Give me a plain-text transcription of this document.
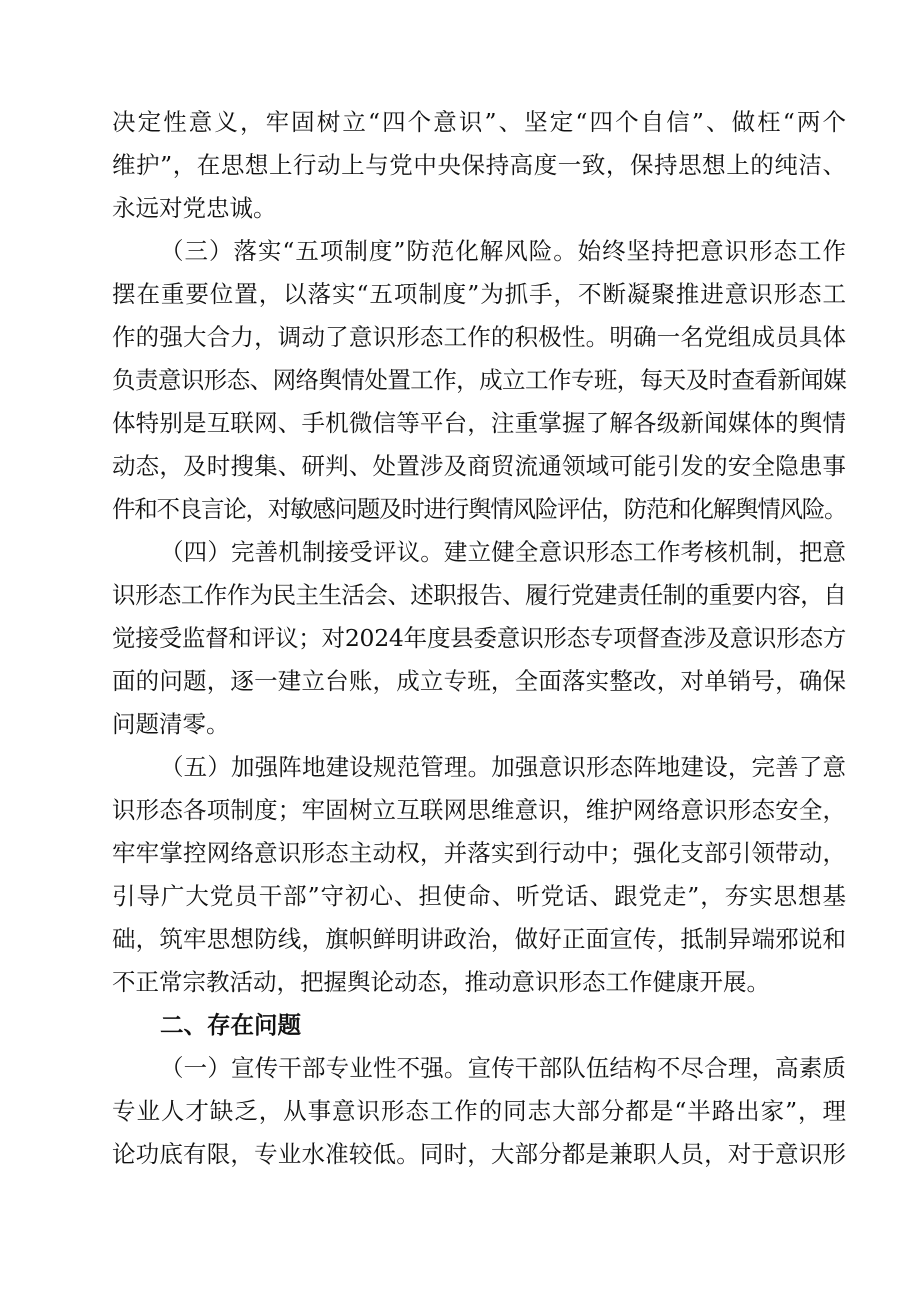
决定性意义，牢固树立“四个意识”、坚定“四个自信”、做枉“两个
维护”，在思想上行动上与党中央保持高度一致，保持思想上的纯洁、
永远对党忠诚。
（三）落实“五项制度”防范化解风险。始终坚持把意识形态工作
摆在重要位置，以落实“五项制度”为抓手，不断凝聚推进意识形态工
作的强大合力，调动了意识形态工作的积极性。明确一名党组成员具体
负责意识形态、网络舆情处置工作，成立工作专班，每天及时查看新闻媒
体特别是互联网、手机微信等平台，注重掌握了解各级新闻媒体的舆情
动态，及时搜集、研判、处置涉及商贸流通领域可能引发的安全隐患事
件和不良言论，对敏感问题及时进行舆情风险评估，防范和化解舆情风险。
（四）完善机制接受评议。建立健全意识形态工作考核机制，把意
识形态工作作为民主生活会、述职报告、履行党建责任制的重要内容，自
觉接受监督和评议；对2024年度县委意识形态专项督查涉及意识形态方
面的问题，逐一建立台账，成立专班，全面落实整改，对单销号，确保
问题清零。
（五）加强阵地建设规范管理。加强意识形态阵地建设，完善了意
识形态各项制度；牢固树立互联网思维意识，维护网络意识形态安全，
牢牢掌控网络意识形态主动权，并落实到行动中；强化支部引领带动，
引导广大党员干部”守初心、担使命、听党话、跟党走”，夯实思想基
础，筑牢思想防线，旗帜鲜明讲政治，做好正面宣传，抵制异端邪说和
不正常宗教活动，把握舆论动态，推动意识形态工作健康开展。
二、存在问题
（一）宣传干部专业性不强。宣传干部队伍结构不尽合理，高素质
专业人才缺乏，从事意识形态工作的同志大部分都是“半路出家”，理
论功底有限，专业水准较低。同时，大部分都是兼职人员，对于意识形
